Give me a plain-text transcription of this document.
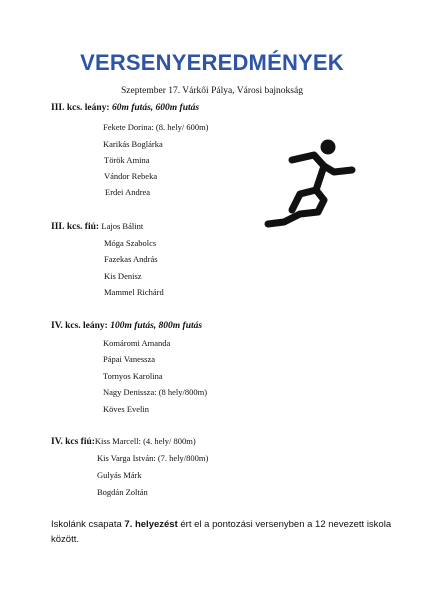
VERSENYEREDMÉNYEK
Szeptember 17. Várkői Pálya, Városi bajnokság
III. kcs. leány: 60m futás, 600m futás
Fekete Dorina: (8. hely/ 600m)
Karikás Boglárka
Török Amina
Vándor Rebeka
Erdei Andrea
III. kcs. fiú: Lajos Bálint
Móga Szabolcs
Fazekas András
Kis Denisz
Mammel Richárd
IV. kcs. leány: 100m futás, 800m futás
Komáromi Amanda
Pápai Vanessza
Tornyos Karolina
Nagy Denissza: (8 hely/800m)
Köves Evelin
IV. kcs fiú:Kiss Marcell: (4. hely/ 800m)
Kis Varga István: (7. hely/800m)
Gulyás Márk
Bogdán Zoltán
Iskolánk csapata 7. helyezést ért el a pontozási versenyben a 12 nevezett iskola között.
